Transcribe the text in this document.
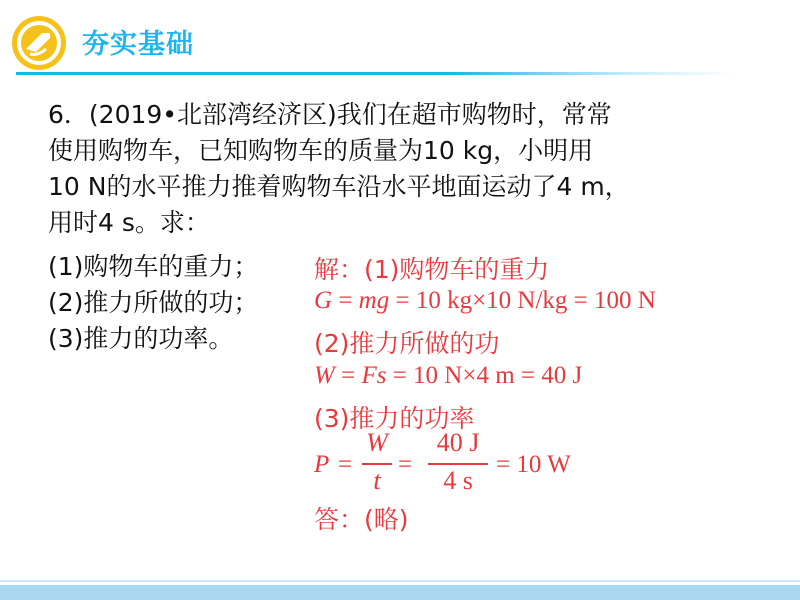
夯实基础
6．(2019•北部湾经济区)我们在超市购物时，常常
使用购物车，已知购物车的质量为10 kg，小明用
10 N的水平推力推着购物车沿水平地面运动了4 m，
用时4 s。求：
(1)购物车的重力；
(2)推力所做的功；
(3)推力的功率。
解：(1)购物车的重力
G = mg = 10 kg×10 N/kg = 100 N
(2)推力所做的功
W = Fs = 10 N×4 m = 40 J
(3)推力的功率
P =
W
t
=
40 J
4 s
= 10 W
答：(略)
